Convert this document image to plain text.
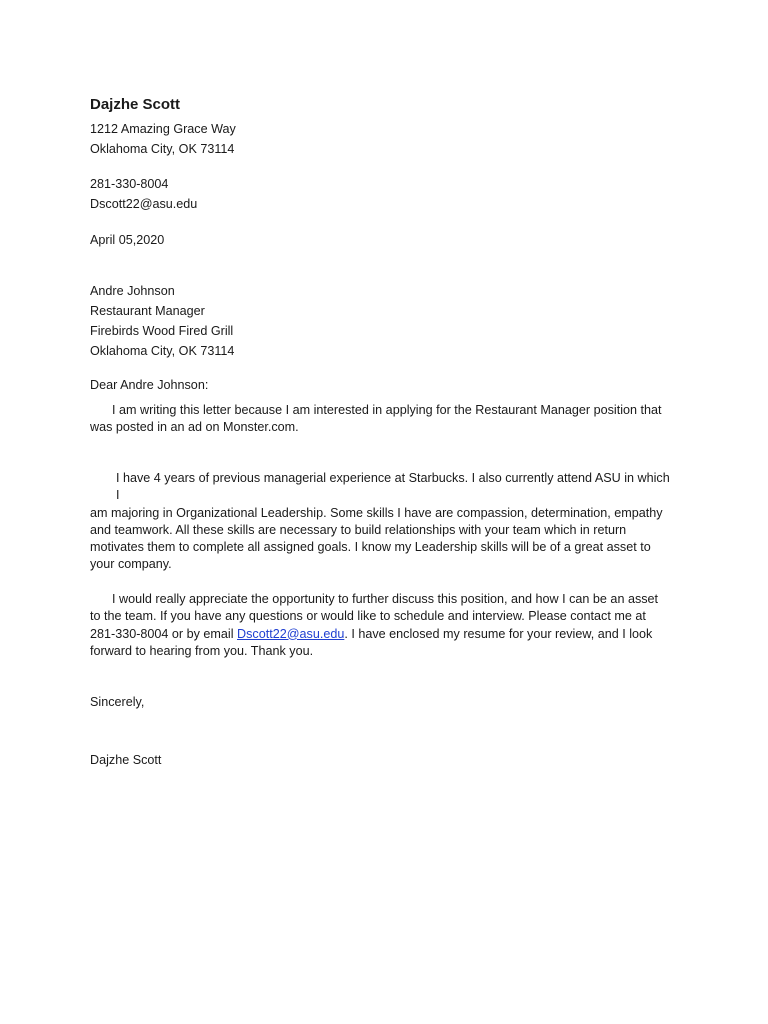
Dajzhe Scott
1212 Amazing Grace Way
Oklahoma City, OK 73114
281-330-8004
Dscott22@asu.edu
April 05,2020
Andre Johnson
Restaurant Manager
Firebirds Wood Fired Grill
Oklahoma City, OK 73114
Dear Andre Johnson:
I am writing this letter because I am interested in applying for the Restaurant Manager position that
was posted in an ad on Monster.com.
I have 4 years of previous managerial experience at Starbucks. I also currently attend ASU in which I
am majoring in Organizational Leadership. Some skills I have are compassion, determination, empathy
and teamwork. All these skills are necessary to build relationships with your team which in return
motivates them to complete all assigned goals. I know my Leadership skills will be of a great asset to
your company.
I would really appreciate the opportunity to further discuss this position, and how I can be an asset
to the team. If you have any questions or would like to schedule and interview. Please contact me at
281-330-8004 or by email Dscott22@asu.edu. I have enclosed my resume for your review, and I look
forward to hearing from you. Thank you.
Sincerely,
Dajzhe Scott
